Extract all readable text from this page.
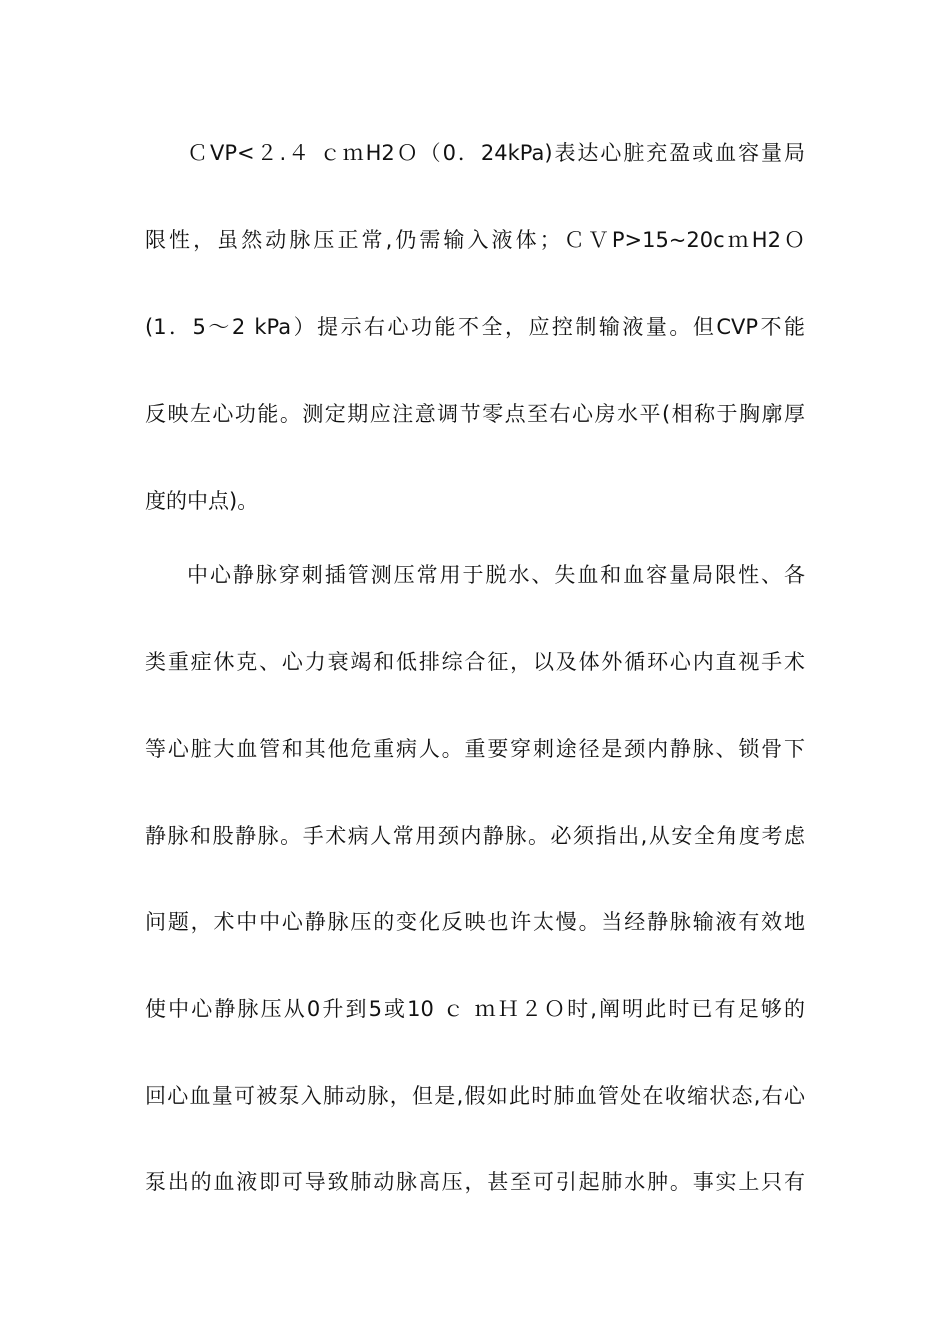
ＣVP<２.４ ｃｍH2Ｏ（0．24kPa)表达心脏充盈或血容量局
限性，虽然动脉压正常,仍需输入液体；ＣＶP>15~20cｍH2Ｏ
(1．5～2 kPa）提示右心功能不全，应控制输液量。但CVP不能
反映左心功能。测定期应注意调节零点至右心房水平(相称于胸廓厚
度的中点)。
中心静脉穿刺插管测压常用于脱水、失血和血容量局限性、各
类重症休克、心力衰竭和低排综合征，以及体外循环心内直视手术
等心脏大血管和其他危重病人。重要穿刺途径是颈内静脉、锁骨下
静脉和股静脉。手术病人常用颈内静脉。必须指出,从安全角度考虑
问题，术中中心静脉压的变化反映也许太慢。当经静脉输液有效地
使中心静脉压从0升到5或10 ｃ ｍＨ２Ｏ时,阐明此时已有足够的
回心血量可被泵入肺动脉，但是,假如此时肺血管处在收缩状态,右心
泵出的血液即可导致肺动脉高压，甚至可引起肺水肿。事实上只有
